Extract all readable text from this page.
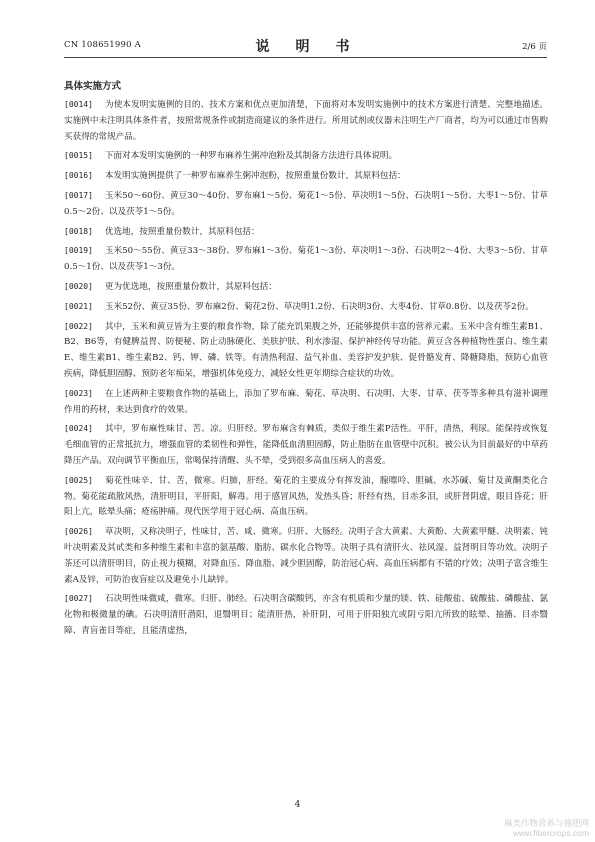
CN 108651990 A	说　明　书	2/6 页
具体实施方式
[0014] 为使本发明实施例的目的、技术方案和优点更加清楚，下面将对本发明实施例中的技术方案进行清楚、完整地描述。实施例中未注明具体条件者，按照常规条件或制造商建议的条件进行。所用试剂或仪器未注明生产厂商者，均为可以通过市售购买获得的常规产品。
[0015] 下面对本发明实施例的一种罗布麻养生粥冲泡粉及其制备方法进行具体说明。
[0016] 本发明实施例提供了一种罗布麻养生粥冲泡粉，按照重量份数计，其原料包括：
[0017] 玉米50～60份、黄豆30～40份、罗布麻1～5份、菊花1～5份、草决明1～5份、石决明1～5份、大枣1～5份、甘草0.5～2份、以及茯苓1～5份。
[0018] 优选地，按照重量份数计，其原料包括：
[0019] 玉米50～55份、黄豆33～38份、罗布麻1～3份、菊花1～3份、草决明1～3份、石决明2～4份、大枣3～5份、甘草0.5～1份、以及茯苓1～3份。
[0020] 更为优选地，按照重量份数计，其原料包括：
[0021] 玉米52份、黄豆35份、罗布麻2份、菊花2份、草决明1.2份、石决明3份、大枣4份、甘草0.8份、以及茯苓2份。
[0022] 其中，玉米和黄豆皆为主要的粮食作物，除了能充饥果腹之外，还能够提供丰富的营养元素。玉米中含有维生素B1、B2、B6等，有健脾益胃、防便秘、防止动脉硬化、美肤护肤、利水渗湿、保护神经传导功能。黄豆含各种植物性蛋白、维生素E、维生素B1、维生素B2、钙、钾、磷、铁等。有清热利湿、益气补血、美容护发护肤、促骨骼发育、降糖降脂，预防心血管疾病，降低胆固醇、预防老年痴呆，增强机体免疫力，减轻女性更年期综合症状的功效。
[0023] 在上述两种主要粮食作物的基础上，添加了罗布麻、菊花、草决明、石决明、大枣、甘草、茯苓等多种具有滋补调理作用的药材，来达到食疗的效果。
[0024] 其中，罗布麻性味甘、苦、凉。归肝经。罗布麻含有棘质，类似于维生素P活性。平肝，清热，利尿。能保持或恢复毛细血管的正常抵抗力，增强血管的柔韧性和弹性，能降低血清胆固醇，防止脂肪在血管壁中沉积。被公认为目前最好的中草药降压产品。双向调节平衡血压，常喝保持清醒、头不晕，受到很多高血压病人的喜爱。
[0025] 菊花性味辛、甘、苦，微寒。归肺，肝经。菊花的主要成分有挥发油，腺嘌呤、胆碱、水苏碱、菊甘及黄酮类化合物。菊花能疏散风热，清肝明目，平肝阳，解毒。用于感冒风热，发热头昏；肝经有热，目赤多泪，或肝肾阴虚，眼目昏花；肝阳上亢，眩晕头痛；疮疡肿痛。现代医学用于冠心病、高血压病。
[0026] 草决明，又称决明子，性味甘，苦、咸、微寒。归肝、大肠经。决明子含大黄素、大黄酚、大黄素甲醚、决明素、钝叶决明素及其甙类和多种维生素和丰富的氨基酸、脂肪、碳水化合物等。决明子具有清肝火、祛风湿、益肾明目等功效。决明子茶还可以清肝明目，防止视力模糊，对降血压、降血脂、减少胆固醇，防治冠心病、高血压病都有不错的疗效；决明子富含维生素A及锌，可防治夜盲症以及避免小儿缺锌。
[0027] 石决明性味微咸，微寒。归肝、肺经。石决明含碳酸钙，亦含有机质和少量的镁、铁、硅酸盐、硫酸盐、磷酸盐、氯化物和极微量的碘。石决明清肝潜阳，退翳明目；能清肝热，补肝阴，可用于肝阳独亢或阴亏阳亢所致的眩晕、抽搐、目赤翳障、青盲雀目等症，且能清虚热，
4
麻类作物营养与施肥网
www.fibercrops.com
